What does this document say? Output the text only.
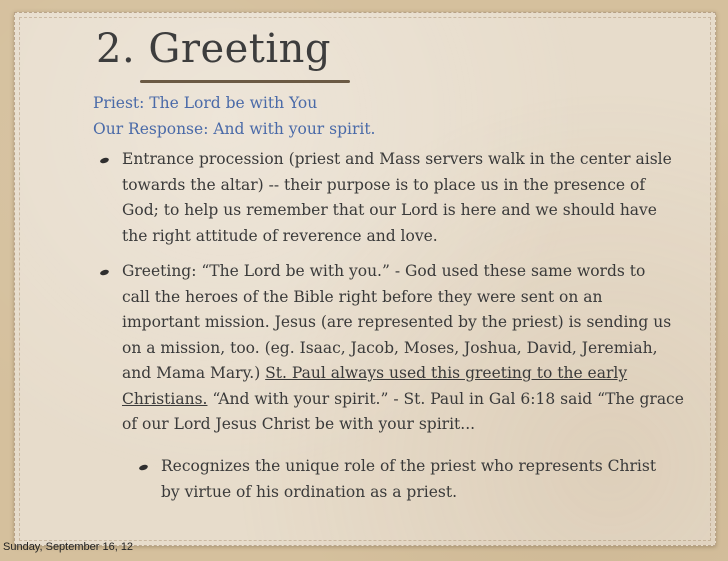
2. Greeting
Priest: The Lord be with You
Our Response: And with your spirit.
Entrance procession (priest and Mass servers walk in the center aisle
towards the altar) -- their purpose is to place us in the presence of
God; to help us remember that our Lord is here and we should have
the right attitude of reverence and love.
Greeting: “The Lord be with you.” - God used these same words to
call the heroes of the Bible right before they were sent on an
important mission. Jesus (are represented by the priest) is sending us
on a mission, too. (eg. Isaac, Jacob, Moses, Joshua, David, Jeremiah,
and Mama Mary.) St. Paul always used this greeting to the early
Christians. “And with your spirit.” - St. Paul in Gal 6:18 said “The grace
of our Lord Jesus Christ be with your spirit...
Recognizes the unique role of the priest who represents Christ
by virtue of his ordination as a priest.
Sunday, September 16, 12
